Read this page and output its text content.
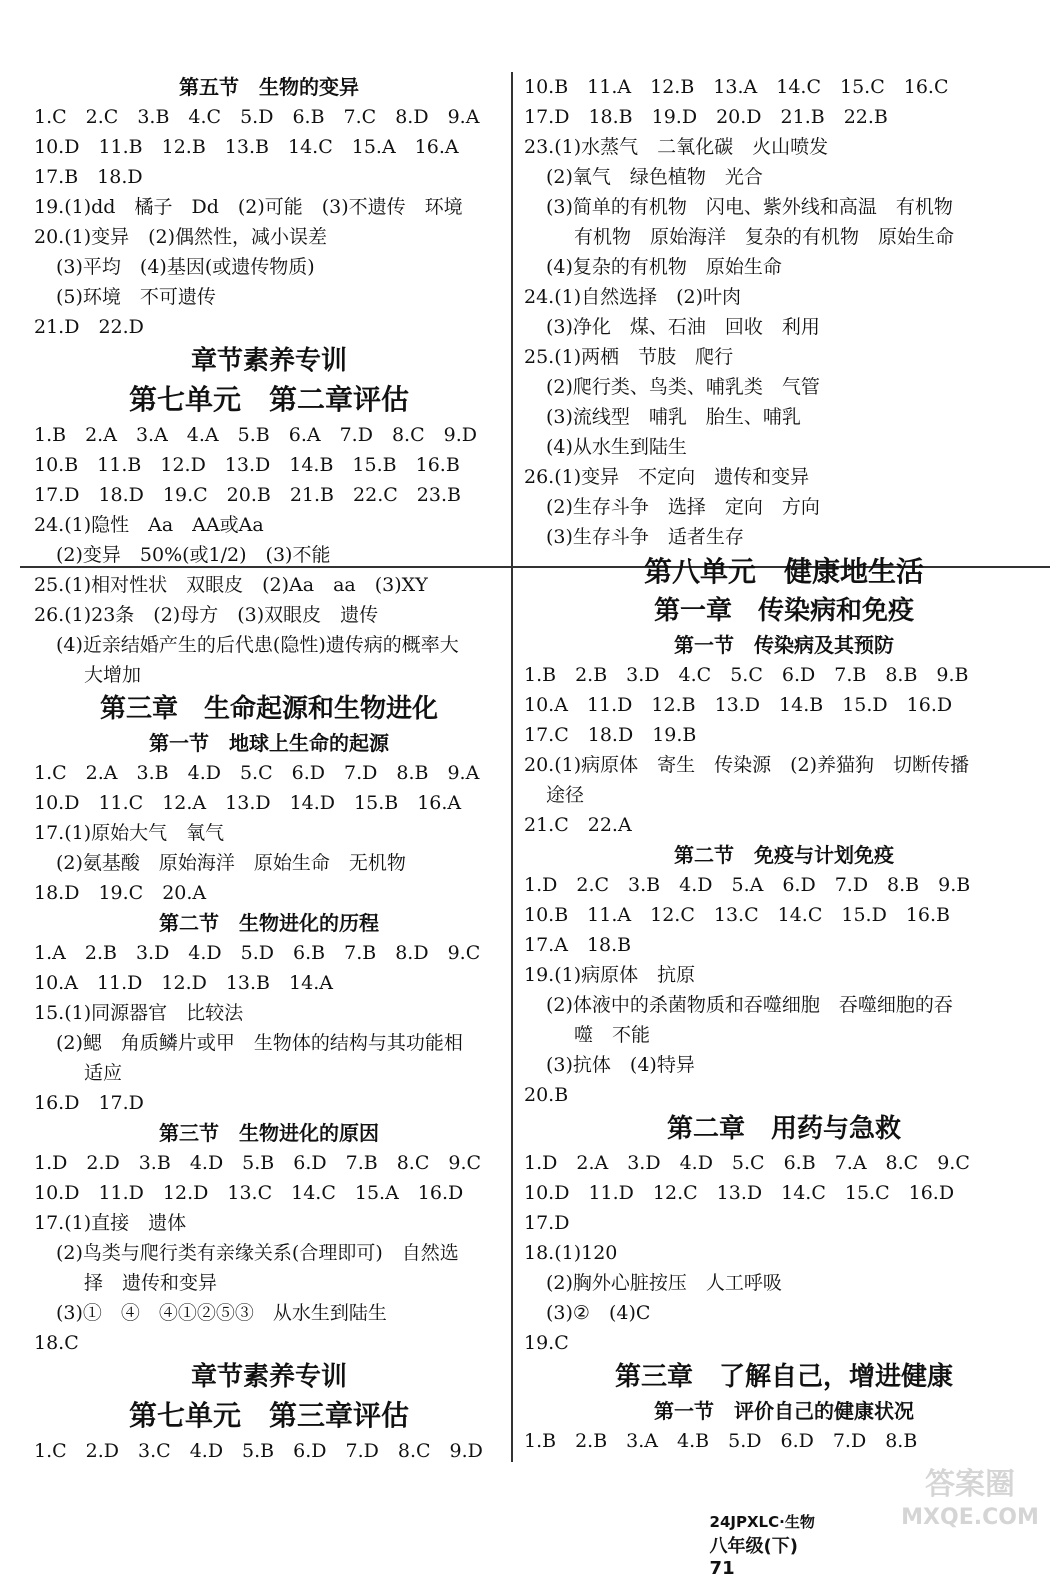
第五节　生物的变异
1.C　2.C　3.B　4.C　5.D　6.B　7.C　8.D　9.A
10.D　11.B　12.B　13.B　14.C　15.A　16.A
17.B　18.D
19.(1)dd　橘子　Dd　(2)可能　(3)不遗传　环境
20.(1)变异　(2)偶然性，减小误差
(3)平均　(4)基因(或遗传物质)
(5)环境　不可遗传
21.D　22.D
章节素养专训
第七单元　第二章评估
1.B　2.A　3.A　4.A　5.B　6.A　7.D　8.C　9.D
10.B　11.B　12.D　13.D　14.B　15.B　16.B
17.D　18.D　19.C　20.B　21.B　22.C　23.B
24.(1)隐性　Aa　AA或Aa
(2)变异　50%(或1/2)　(3)不能
25.(1)相对性状　双眼皮　(2)Aa　aa　(3)XY
26.(1)23条　(2)母方　(3)双眼皮　遗传
(4)近亲结婚产生的后代患(隐性)遗传病的概率大
大增加
第三章　生命起源和生物进化
第一节　地球上生命的起源
1.C　2.A　3.B　4.D　5.C　6.D　7.D　8.B　9.A
10.D　11.C　12.A　13.D　14.D　15.B　16.A
17.(1)原始大气　氧气
(2)氨基酸　原始海洋　原始生命　无机物
18.D　19.C　20.A
第二节　生物进化的历程
1.A　2.B　3.D　4.D　5.D　6.B　7.B　8.D　9.C
10.A　11.D　12.D　13.B　14.A
15.(1)同源器官　比较法
(2)鳃　角质鳞片或甲　生物体的结构与其功能相
适应
16.D　17.D
第三节　生物进化的原因
1.D　2.D　3.B　4.D　5.B　6.D　7.B　8.C　9.C
10.D　11.D　12.D　13.C　14.C　15.A　16.D
17.(1)直接　遗体
(2)鸟类与爬行类有亲缘关系(合理即可)　自然选
择　遗传和变异
(3)①　④　④①②⑤③　从水生到陆生
18.C
章节素养专训
第七单元　第三章评估
1.C　2.D　3.C　4.D　5.B　6.D　7.D　8.C　9.D
10.B　11.A　12.B　13.A　14.C　15.C　16.C
17.D　18.B　19.D　20.D　21.B　22.B
23.(1)水蒸气　二氧化碳　火山喷发
(2)氧气　绿色植物　光合
(3)简单的有机物　闪电、紫外线和高温　有机物
有机物　原始海洋　复杂的有机物　原始生命
(4)复杂的有机物　原始生命
24.(1)自然选择　(2)叶肉
(3)净化　煤、石油　回收　利用
25.(1)两栖　节肢　爬行
(2)爬行类、鸟类、哺乳类　气管
(3)流线型　哺乳　胎生、哺乳
(4)从水生到陆生
26.(1)变异　不定向　遗传和变异
(2)生存斗争　选择　定向　方向
(3)生存斗争　适者生存
第八单元　健康地生活
第一章　传染病和免疫
第一节　传染病及其预防
1.B　2.B　3.D　4.C　5.C　6.D　7.B　8.B　9.B
10.A　11.D　12.B　13.D　14.B　15.D　16.D
17.C　18.D　19.B
20.(1)病原体　寄生　传染源　(2)养猫狗　切断传播
途径
21.C　22.A
第二节　免疫与计划免疫
1.D　2.C　3.B　4.D　5.A　6.D　7.D　8.B　9.B
10.B　11.A　12.C　13.C　14.C　15.D　16.B
17.A　18.B
19.(1)病原体　抗原
(2)体液中的杀菌物质和吞噬细胞　吞噬细胞的吞
噬　不能
(3)抗体　(4)特异
20.B
第二章　用药与急救
1.D　2.A　3.D　4.D　5.C　6.B　7.A　8.C　9.C
10.D　11.D　12.C　13.D　14.C　15.C　16.D
17.D
18.(1)120
(2)胸外心脏按压　人工呼吸
(3)②　(4)C
19.C
第三章　了解自己，增进健康
第一节　评价自己的健康状况
1.B　2.B　3.A　4.B　5.D　6.D　7.D　8.B

24JPXLC·生物
八年级(下)
71

答案圈
MXQE.COM
